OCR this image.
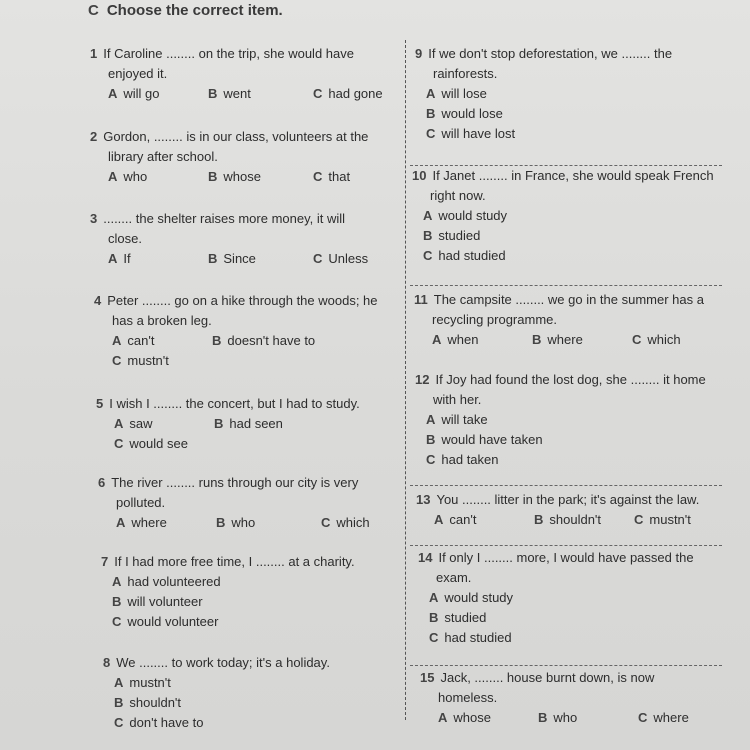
C Choose the correct item.
1 If Caroline ........ on the trip, she would have
enjoyed it.
A will go	B went	C had gone
2 Gordon, ........ is in our class, volunteers at the
library after school.
A who	B whose	C that
3 ........ the shelter raises more money, it will
close.
A If	B Since	C Unless
4 Peter ........ go on a hike through the woods; he
has a broken leg.
A can't	B doesn't have to
C mustn't
5 I wish I ........ the concert, but I had to study.
A saw	B had seen
C would see
6 The river ........ runs through our city is very
polluted.
A where	B who	C which
7 If I had more free time, I ........ at a charity.
A had volunteered
B will volunteer
C would volunteer
8 We ........ to work today; it's a holiday.
A mustn't
B shouldn't
C don't have to
9 If we don't stop deforestation, we ........ the
rainforests.
A will lose
B would lose
C will have lost
10 If Janet ........ in France, she would speak French
right now.
A would study
B studied
C had studied
11 The campsite ........ we go in the summer has a
recycling programme.
A when	B where	C which
12 If Joy had found the lost dog, she ........ it home
with her.
A will take
B would have taken
C had taken
13 You ........ litter in the park; it's against the law.
A can't	B shouldn't	C mustn't
14 If only I ........ more, I would have passed the
exam.
A would study
B studied
C had studied
15 Jack, ........ house burnt down, is now
homeless.
A whose	B who	C where
